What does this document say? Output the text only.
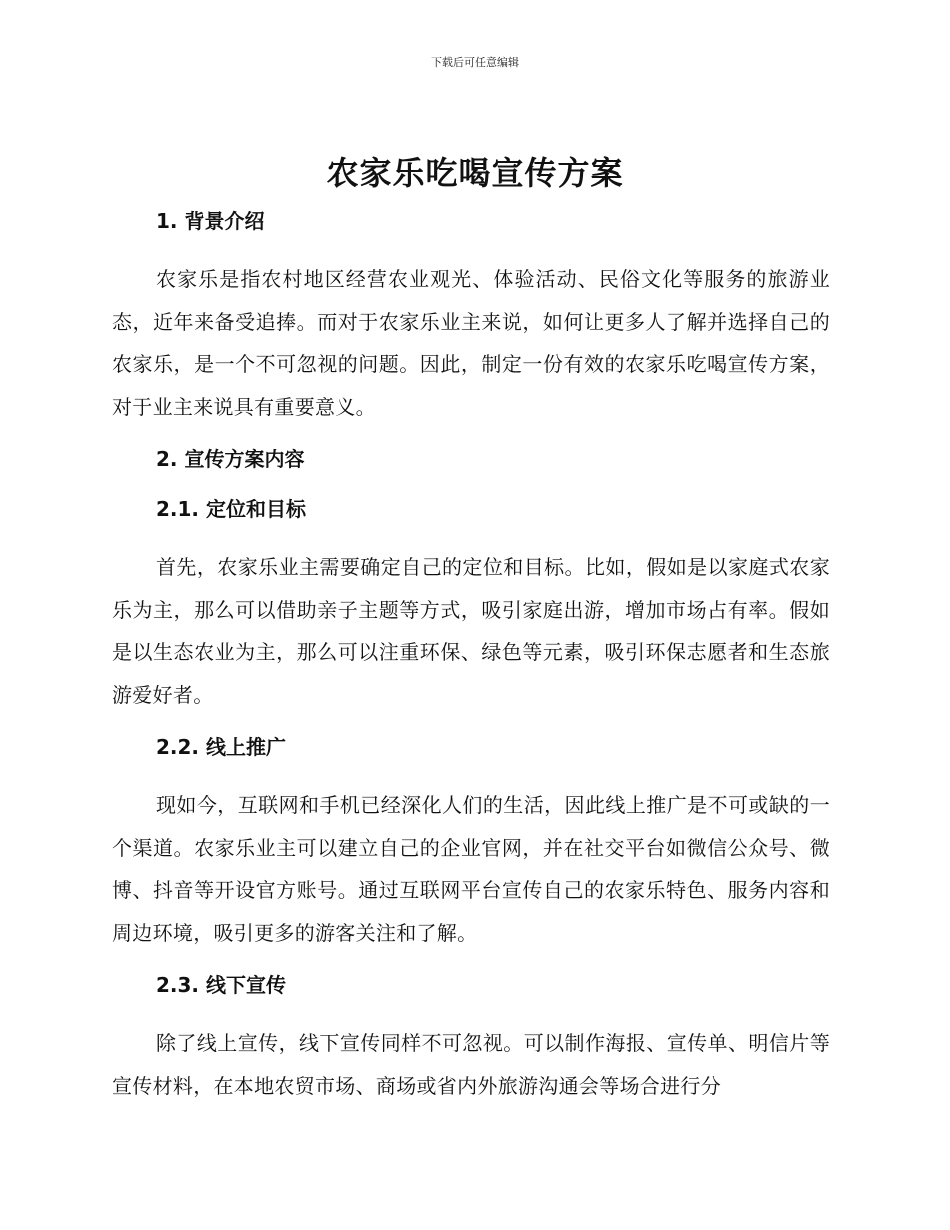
下载后可任意编辑
农家乐吃喝宣传方案
1. 背景介绍

农家乐是指农村地区经营农业观光、体验活动、民俗文化等服务的旅游业态，近年来备受追捧。而对于农家乐业主来说，如何让更多人了解并选择自己的农家乐，是一个不可忽视的问题。因此，制定一份有效的农家乐吃喝宣传方案，对于业主来说具有重要意义。

2. 宣传方案内容
2.1. 定位和目标

首先，农家乐业主需要确定自己的定位和目标。比如，假如是以家庭式农家乐为主，那么可以借助亲子主题等方式，吸引家庭出游，增加市场占有率。假如是以生态农业为主，那么可以注重环保、绿色等元素，吸引环保志愿者和生态旅游爱好者。

2.2. 线上推广

现如今，互联网和手机已经深化人们的生活，因此线上推广是不可或缺的一个渠道。农家乐业主可以建立自己的企业官网，并在社交平台如微信公众号、微博、抖音等开设官方账号。通过互联网平台宣传自己的农家乐特色、服务内容和周边环境，吸引更多的游客关注和了解。

2.3. 线下宣传

除了线上宣传，线下宣传同样不可忽视。可以制作海报、宣传单、明信片等宣传材料，在本地农贸市场、商场或省内外旅游沟通会等场合进行分
